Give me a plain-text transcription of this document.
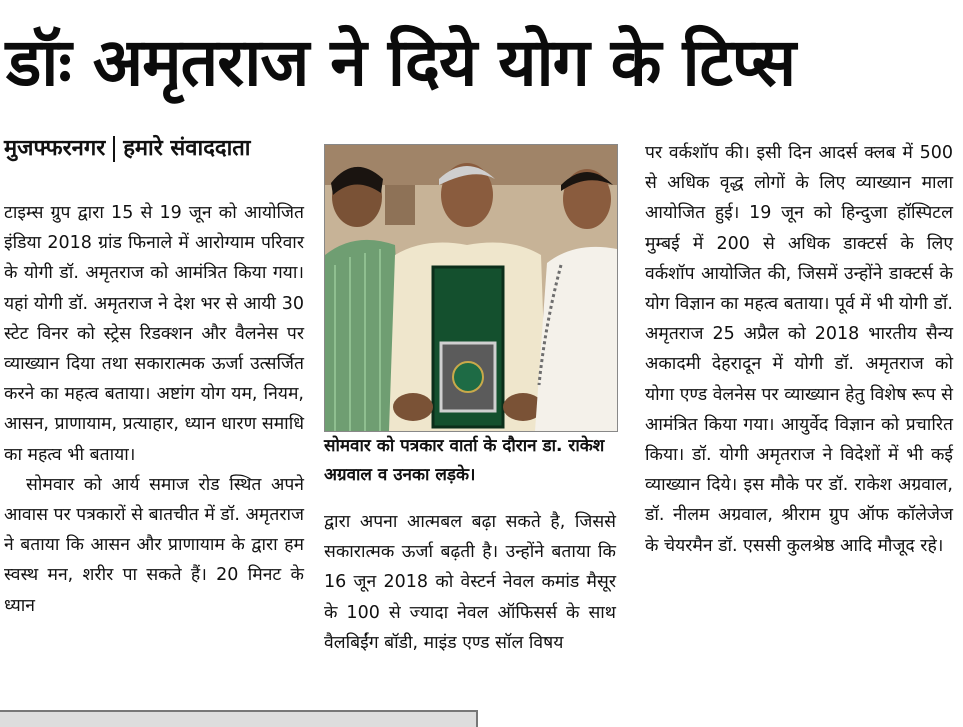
डॉः अमृतराज ने दिये योग के टिप्स
मुजफ्फरनगर हमारे संवाददाता

टाइम्स ग्रुप द्वारा 15 से 19 जून को आयोजित इंडिया 2018 ग्रांड फिनाले में आरोग्याम परिवार के योगी डॉ. अमृतराज को आमंत्रित किया गया। यहां योगी डॉ. अमृतराज ने देश भर से आयी 30 स्टेट विनर को स्ट्रेस रिडक्शन और वैलनेस पर व्याख्यान दिया तथा सकारात्मक ऊर्जा उत्सर्जित करने का महत्व बताया। अष्टांग योग यम, नियम, आसन, प्राणायाम, प्रत्याहार, ध्यान धारण समाधि का महत्व भी बताया।

सोमवार को आर्य समाज रोड स्थित अपने आवास पर पत्रकारों से बातचीत में डॉ. अमृतराज ने बताया कि आसन और प्राणायाम के द्वारा हम स्वस्थ मन, शरीर पा सकते हैं। 20 मिनट के ध्यान

सोमवार को पत्रकार वार्ता के दौरान डा. राकेश अग्रवाल व उनका लड़के।

द्वारा अपना आत्मबल बढ़ा सकते है, जिससे सकारात्मक ऊर्जा बढ़ती है। उन्होंने बताया कि 16 जून 2018 को वेस्टर्न नेवल कमांड मैसूर के 100 से ज्यादा नेवल ऑफिसर्स के साथ वैलबिईंग बॉडी, माइंड एण्ड सॉल विषय

पर वर्कशॉप की। इसी दिन आदर्स क्लब में 500 से अधिक वृद्ध लोगों के लिए व्याख्यान माला आयोजित हुई। 19 जून को हिन्दुजा हॉस्पिटल मुम्बई में 200 से अधिक डाक्टर्स के लिए वर्कशॉप आयोजित की, जिसमें उन्होंने डाक्टर्स के योग विज्ञान का महत्व बताया। पूर्व में भी योगी डॉ. अमृतराज 25 अप्रैल को 2018 भारतीय सैन्य अकादमी देहरादून में योगी डॉ. अमृतराज को योगा एण्ड वेलनेस पर व्याख्यान हेतु विशेष रूप से आमंत्रित किया गया। आयुर्वेद विज्ञान को प्रचारित किया। डॉ. योगी अमृतराज ने विदेशों में भी कई व्याख्यान दिये। इस मौके पर डॉ. राकेश अग्रवाल, डॉ. नीलम अग्रवाल, श्रीराम ग्रुप ऑफ कॉलेजेज के चेयरमैन डॉ. एससी कुलश्रेष्ठ आदि मौजूद रहे।
